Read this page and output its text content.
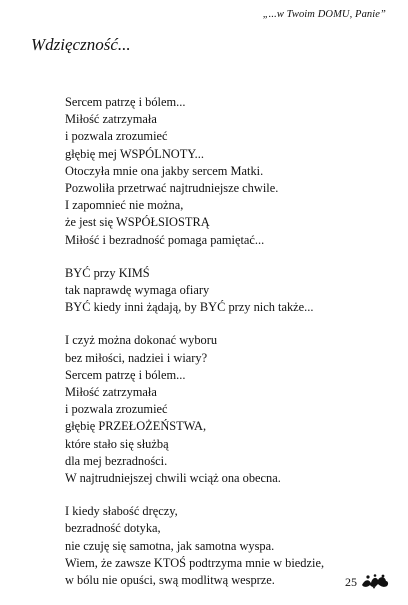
„...w Twoim DOMU, Panie”
Wdzięczność...
Sercem patrzę i bólem...
Miłość zatrzymała
i pozwala zrozumieć
głębię mej WSPÓLNOTY...
Otoczyła mnie ona jakby sercem Matki.
Pozwoliła przetrwać najtrudniejsze chwile.
I zapomnieć nie można,
że jest się WSPÓŁSIOSTRĄ
Miłość i bezradność pomaga pamiętać...
BYĆ przy KIMŚ
tak naprawdę wymaga ofiary
BYĆ kiedy inni żądają, by BYĆ przy nich także...
I czyż można dokonać wyboru
bez miłości, nadziei i wiary?
Sercem patrzę i bólem...
Miłość zatrzymała
i pozwala zrozumieć
głębię PRZEŁOŻEŃSTWA,
które stało się służbą
dla mej bezradności.
W najtrudniejszej chwili wciąż ona obecna.
I kiedy słabość dręczy,
bezradność dotyka,
nie czuję się samotna, jak samotna wyspa.
Wiem, że zawsze KTOŚ podtrzyma mnie w biedzie,
w bólu nie opuści, swą modlitwą wesprze.	25
